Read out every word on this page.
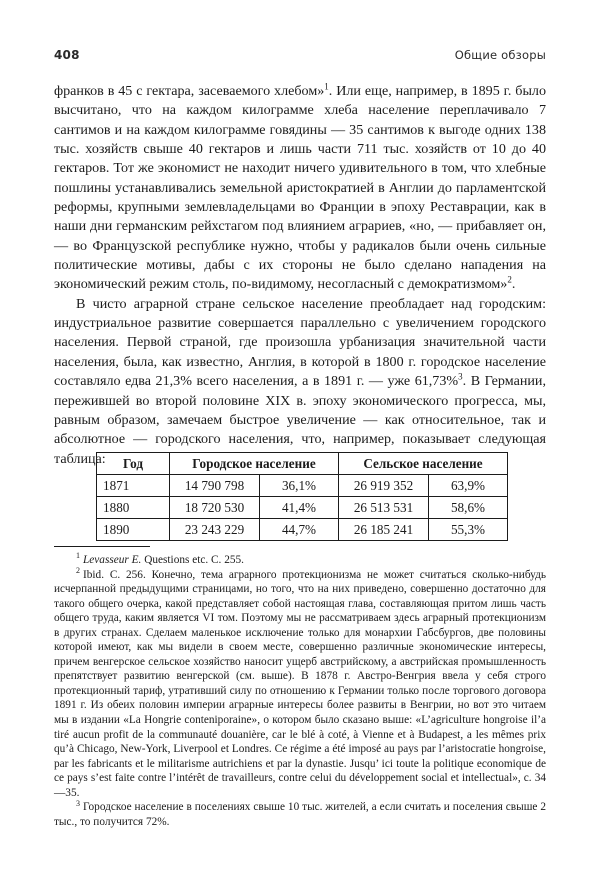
408	Общие обзоры

франков в 45 с гектара, засеваемого хлебом»$^1$. Или еще, например, в 1895 г. было высчитано, что на каждом килограмме хлеба население переплачивало 7 сантимов и на каждом килограмме говядины — 35 сантимов к выгоде одних 138 тыс. хозяйств свыше 40 гектаров и лишь части 711 тыс. хозяйств от 10 до 40 гектаров. Тот же экономист не находит ничего удивительного в том, что хлебные пошлины устанавливались земельной аристократией в Англии до парламентской реформы, крупными землевладельцами во Франции в эпоху Реставрации, как в наши дни германским рейхстагом под влиянием аграриев, «но, — прибавляет он, — во Французской республике нужно, чтобы у радикалов были очень сильные политические мотивы, дабы с их стороны не было сделано нападения на экономический режим столь, по-видимому, несогласный с демократизмом»$^2$.

В чисто аграрной стране сельское население преобладает над городским: индустриальное развитие совершается параллельно с увеличением городского населения. Первой страной, где произошла урбанизация значительной части населения, была, как известно, Англия, в которой в 1800 г. городское население составляло едва 21,3% всего населения, а в 1891 г. — уже 61,73%$^3$. В Германии, пережившей во второй половине XIX в. эпоху экономического прогресса, мы, равным образом, замечаем быстрое увеличение — как относительное, так и абсолютное — городского населения, что, например, показывает следующая таблица:	Год	Городское население		Сельское население	
1871	14 790 798	36,1%	26 919 352	63,9%
1880	18 720 530	41,4%	26 513 531	58,6%
1890	23 243 229	44,7%	26 185 241	55,3%

$^1$ Levasseur E. Questions etc. C. 255.

$^2$ Ibid. C. 256. Конечно, тема аграрного протекционизма не может считаться сколько-нибудь исчерпанной предыдущими страницами, но того, что на них приведено, совершенно достаточно для такого общего очерка, какой представляет собой настоящая глава, составляющая притом лишь часть общего труда, каким является VI том. Поэтому мы не рассматриваем здесь аграрный протекционизм в других странах. Сделаем маленькое исключение только для монархии Габсбургов, две половины которой имеют, как мы видели в своем месте, совершенно различные экономические интересы, причем венгерское сельское хозяйство наносит ущерб австрийскому, а австрийская промышленность препятствует развитию венгерской (см. выше). В 1878 г. Австро-Венгрия ввела у себя строго протекционный тариф, утративший силу по отношению к Германии только после торгового договора 1891 г. Из обеих половин империи аграрные интересы более развиты в Венгрии, но вот это читаем мы в издании «La Hongrie conteniporaine», о котором было сказано выше: «L’agriculture hongroise il’a tiré aucun profit de la communauté douanière, car le blé à coté, à Vienne et à Budapest, a les mêmes prix qu’à Chicago, New-York, Liverpool et Londres. Ce régime a été imposé au pays par l’aristocratie hongroise, par les fabricants et le militarisme autrichiens et par la dynastie. Jusqu’ ici toute la politique economique de ce pays s’est faite contre l’intérêt de travailleurs, contre celui du développement social et intellectual», c. 34—35.

$^3$ Городское население в поселениях свыше 10 тыс. жителей, а если считать и поселения свыше 2 тыс., то получится 72%.
